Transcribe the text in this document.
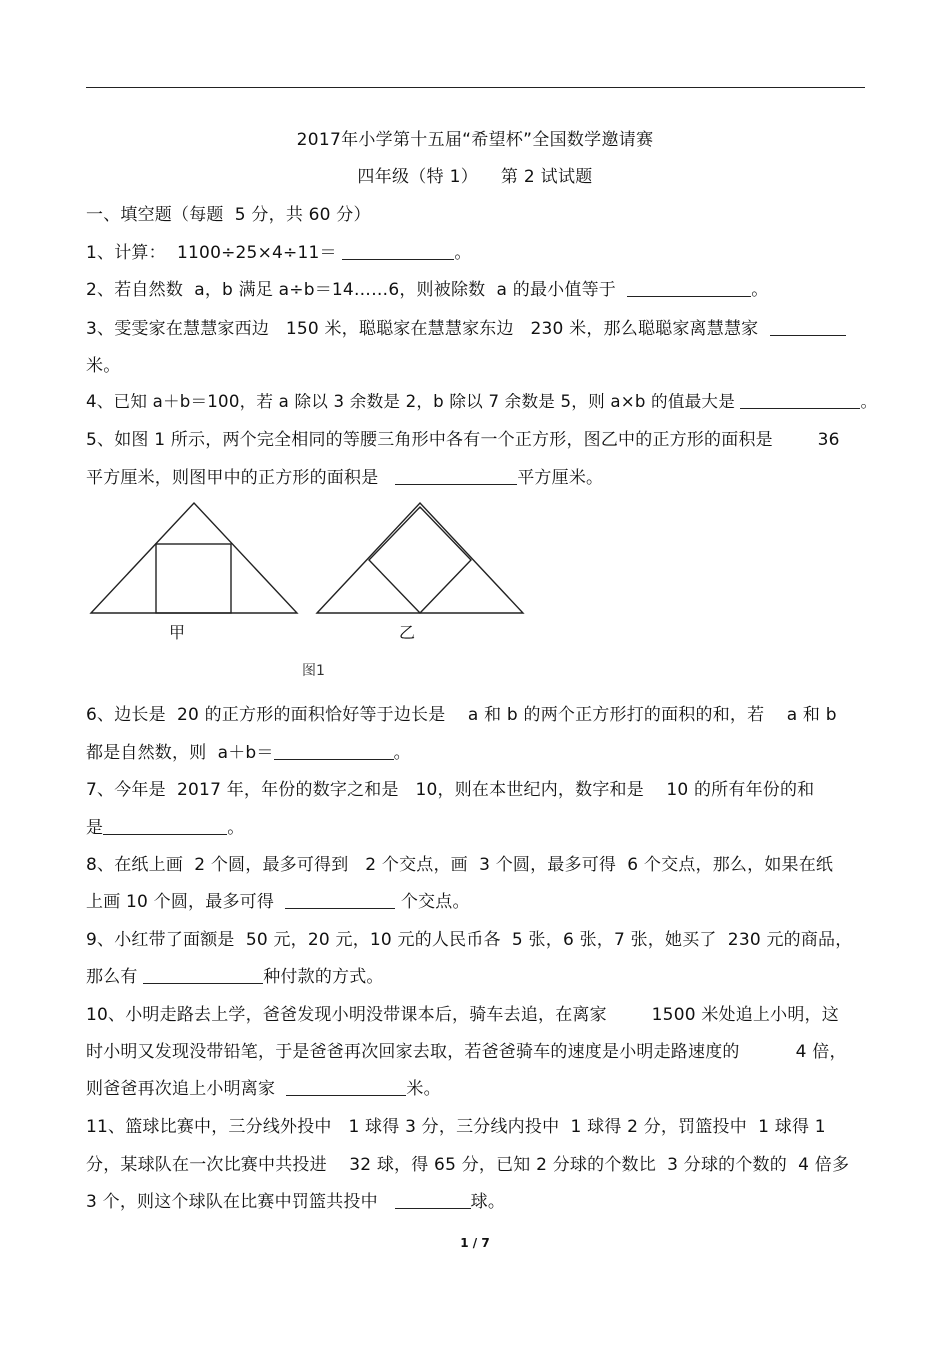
2017年小学第十五届“希望杯”全国数学邀请赛
四年级（特 1）    第 2 试试题
一、填空题（每题  5 分，共 60 分）
1、计算：  1100÷25×4÷11＝	。
2、若自然数  a，b 满足 a÷b＝14……6，则被除数  a 的最小值等于	。
3、雯雯家在慧慧家西边   150 米，聪聪家在慧慧家东边   230 米，那么聪聪家离慧慧家
米。
4、已知 a＋b＝100，若 a 除以 3 余数是 2，b 除以 7 余数是 5，则 a×b 的值最大是	。
5、如图 1 所示，两个完全相同的等腰三角形中各有一个正方形，图乙中的正方形的面积是        36
平方厘米，则图甲中的正方形的面积是	平方厘米。
甲	乙
图1
6、边长是  20 的正方形的面积恰好等于边长是    a 和 b 的两个正方形打的面积的和，若    a 和 b
都是自然数，则  a＋b＝	。
7、今年是  2017 年，年份的数字之和是   10，则在本世纪内，数字和是    10 的所有年份的和
是	。
8、在纸上画  2 个圆，最多可得到   2 个交点，画  3 个圆，最多可得  6 个交点，那么，如果在纸
上画 10 个圆，最多可得	个交点。
9、小红带了面额是  50 元，20 元，10 元的人民币各  5 张，6 张，7 张，她买了  230 元的商品，
那么有	种付款的方式。
10、小明走路去上学，爸爸发现小明没带课本后，骑车去追，在离家        1500 米处追上小明，这
时小明又发现没带铅笔，于是爸爸再次回家去取，若爸爸骑车的速度是小明走路速度的          4 倍，
则爸爸再次追上小明离家	米。
11、篮球比赛中，三分线外投中   1 球得 3 分，三分线内投中  1 球得 2 分，罚篮投中  1 球得 1
分，某球队在一次比赛中共投进    32 球，得 65 分，已知 2 分球的个数比  3 分球的个数的  4 倍多
3 个，则这个球队在比赛中罚篮共投中	球。
1 / 7
